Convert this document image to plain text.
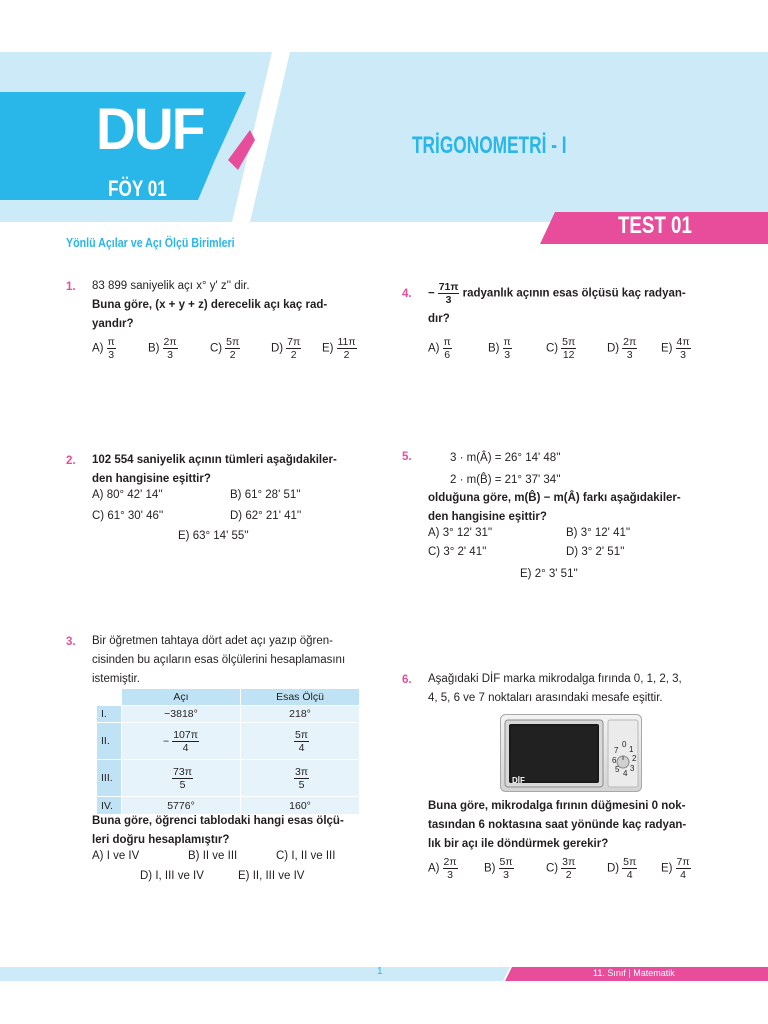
DUF
FÖY 01
TRİGONOMETRİ - I
TEST 01
Yönlü Açılar ve Açı Ölçü Birimleri
1. 83 899 saniyelik açı x° y' z'' dir.
Buna göre, (x + y + z) derecelik açı kaç rad-
yandır?
$A) \frac{\pi}{3}$	$B) \frac{2\pi}{3}$	$C) \frac{5\pi}{2}$	$D) \frac{7\pi}{2} E) \frac{11\pi}{2}$
2. 102 554 saniyelik açının tümleri aşağıdakiler-
den hangisine eşittir?
A) 80° 42' 14''	B) 61° 28' 51''
C) 61° 30' 46''	D) 62° 21' 41''
E) 63° 14' 55''
3. Bir öğretmen tahtaya dört adet açı yazıp öğren-
cisinden bu açıların esas ölçülerini hesaplamasını
istemiştir.
	Açı	Esas Ölçü
I.	−3818°	218°
II.	− $\frac{107\pi}{4}$	$\frac{5\pi}{4}$

III.	$\frac{73\pi}{5}$	$\frac{3\pi}{5}$

IV.	5776°	160°
Buna göre, öğrenci tablodaki hangi esas ölçü-
leri doğru hesaplamıştır?
A) I ve IV	B) II ve III	C) I, II ve III
D) I, III ve IV	E) II, III ve IV
4. − $\frac{71\pi}{3}$ radyanlık açının esas ölçüsü kaç radyan-
dır?
$A) \frac{\pi}{6}$	$B) \frac{\pi}{3}$	$C) \frac{5\pi}{12}$	$D) \frac{2\pi}{3} E) \frac{4\pi}{3}$
5.	3 · m(Â) = 26° 14' 48''
2 · m(B̂) = 21° 37' 34''
olduğuna göre, m(B̂) − m(Â) farkı aşağıdakiler-
den hangisine eşittir?
A) 3° 12' 31''	B) 3° 12' 41''
C) 3° 2' 41''	D) 3° 2' 51''
E) 2° 3' 51''
6. Aşağıdaki DİF marka mikrodalga fırında 0, 1, 2, 3,
4, 5, 6 ve 7 noktaları arasındaki mesafe eşittir.
DİF
0
1
2
3
4
5
6
7
Buna göre, mikrodalga fırının düğmesini 0 nok-
tasından 6 noktasına saat yönünde kaç radyan-
lık bir açı ile döndürmek gerekir?
$A) \frac{2\pi}{3} B) \frac{5\pi}{3}$	$C) \frac{3\pi}{2}$	$D) \frac{5\pi}{4} E) \frac{7\pi}{4}$
1	11. Sınıf | Matematik
